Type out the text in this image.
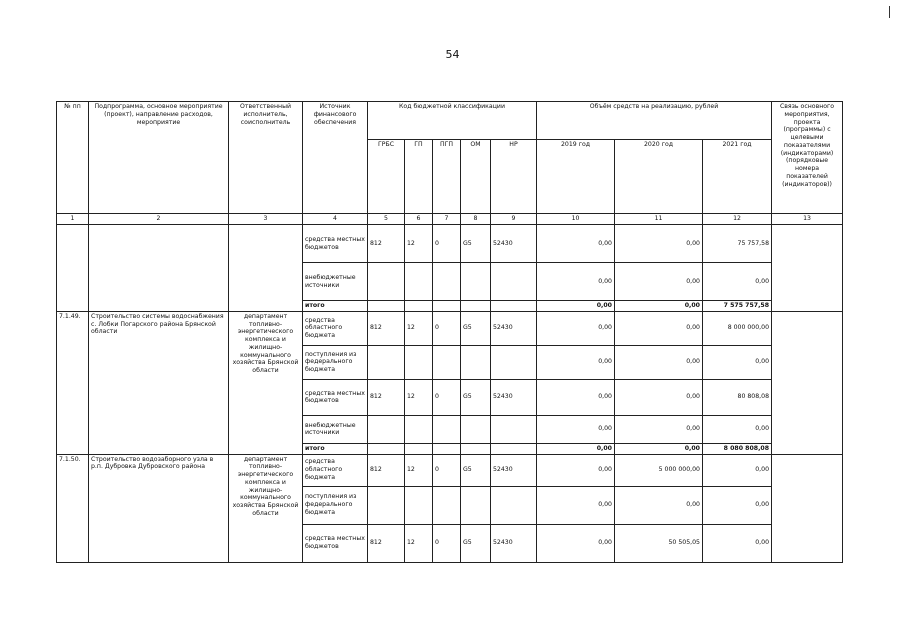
54
№ пп	Подпрограмма, основное мероприятие (проект), направление расходов, мероприятие	Ответственный исполнитель, соисполнитель	Источник финансового обеспечения	Код бюджетной классификации					Объём средств на реализацию, рублей			Связь основного мероприятия, проекта (программы) с целевыми показателями (индикаторами) (порядковые номера показателей (индикаторов))
				ГРБС	ГП	ПГП	ОМ	НР	2019 год	2020 год	2021 год	
1	2	3	4	5	6	7	8	9	10	11	12	13
			средства местных бюджетов	812	12	0	G5	52430	0,00	0,00	75 757,58	
			внебюджетные источники						0,00	0,00	0,00	
			итого						0,00	0,00	7 575 757,58	
7.1.49.	Строительство системы водоснабжения с. Лобки Погарского района Брянской области	департамент топливно-энергетического комплекса и жилищно-коммунального хозяйства Брянской области	средства областного бюджета	812	12	0	G5	52430	0,00	0,00	8 000 000,00	
			поступления из федерального бюджета						0,00	0,00	0,00	
			средства местных бюджетов	812	12	0	G5	52430	0,00	0,00	80 808,08	
			внебюджетные источники						0,00	0,00	0,00	
			итого						0,00	0,00	8 080 808,08	
7.1.50.	Строительство водозаборного узла в р.п. Дубровка Дубровского района	департамент топливно-энергетического комплекса и жилищно-коммунального хозяйства Брянской области	средства областного бюджета	812	12	0	G5	52430	0,00	5 000 000,00	0,00	
			поступления из федерального бюджета						0,00	0,00	0,00	
			средства местных бюджетов	812	12	0	G5	52430	0,00	50 505,05	0,00	
